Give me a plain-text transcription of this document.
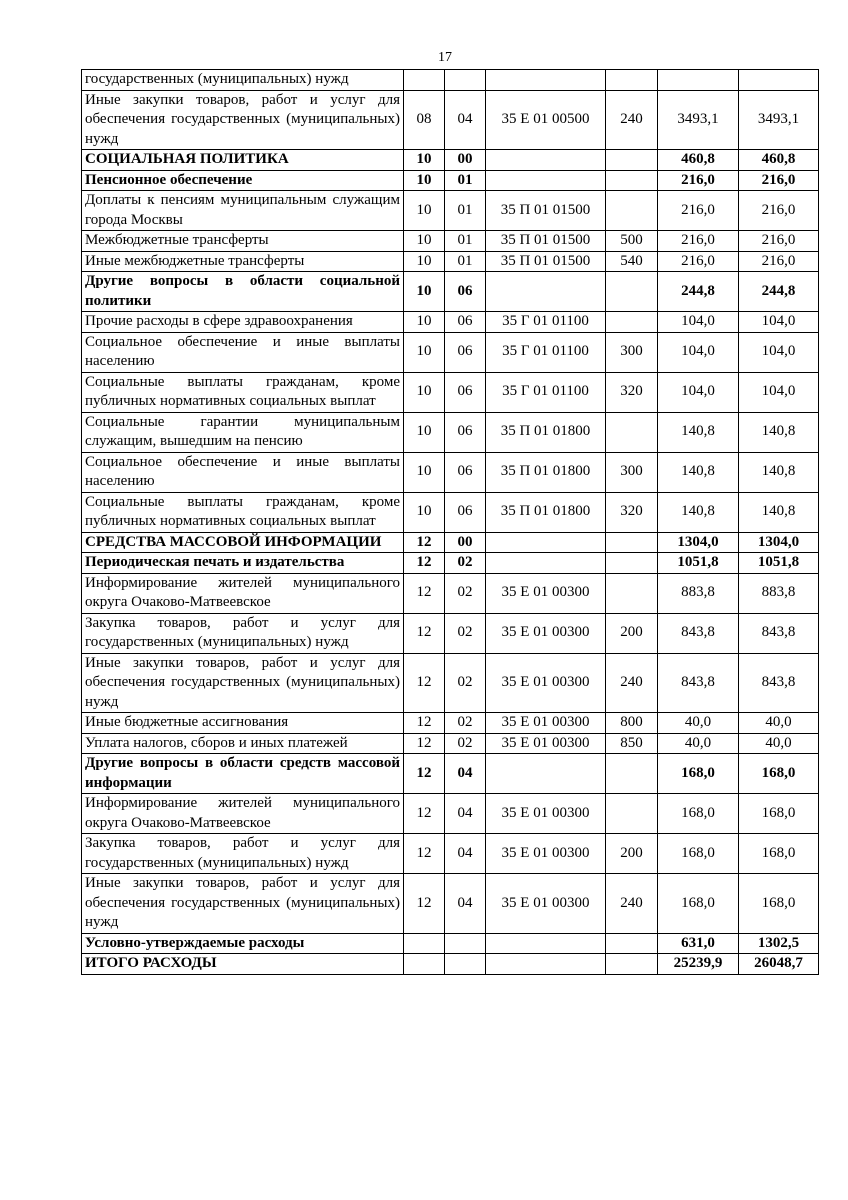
17
государственных (муниципальных) нужд						
Иные закупки товаров, работ и услуг для обеспечения государственных (муниципальных) нужд	08	04	35 Е 01 00500	240	3493,1	3493,1
СОЦИАЛЬНАЯ ПОЛИТИКА	10	00			460,8	460,8
Пенсионное обеспечение	10	01			216,0	216,0
Доплаты к пенсиям муниципальным служащим города Москвы	10	01	35 П 01 01500		216,0	216,0
Межбюджетные трансферты	10	01	35 П 01 01500	500	216,0	216,0
Иные межбюджетные трансферты	10	01	35 П 01 01500	540	216,0	216,0
Другие вопросы в области социальной политики	10	06			244,8	244,8
Прочие расходы в сфере здравоохранения	10	06	35 Г 01 01100		104,0	104,0
Социальное обеспечение и иные выплаты населению	10	06	35 Г 01 01100	300	104,0	104,0
Социальные выплаты гражданам, кроме публичных нормативных социальных выплат	10	06	35 Г 01 01100	320	104,0	104,0
Социальные гарантии муниципальным служащим, вышедшим на пенсию	10	06	35 П 01 01800		140,8	140,8
Социальное обеспечение и иные выплаты населению	10	06	35 П 01 01800	300	140,8	140,8
Социальные выплаты гражданам, кроме публичных нормативных социальных выплат	10	06	35 П 01 01800	320	140,8	140,8
СРЕДСТВА МАССОВОЙ ИНФОРМАЦИИ	12	00			1304,0	1304,0
Периодическая печать и издательства	12	02			1051,8	1051,8
Информирование жителей муниципального округа Очаково-Матвеевское	12	02	35 Е 01 00300		883,8	883,8
Закупка товаров, работ и услуг для государственных (муниципальных) нужд	12	02	35 Е 01 00300	200	843,8	843,8
Иные закупки товаров, работ и услуг для обеспечения государственных (муниципальных) нужд	12	02	35 Е 01 00300	240	843,8	843,8
Иные бюджетные ассигнования	12	02	35 Е 01 00300	800	40,0	40,0
Уплата налогов, сборов и иных платежей	12	02	35 Е 01 00300	850	40,0	40,0
Другие вопросы в области средств массовой информации	12	04			168,0	168,0
Информирование жителей муниципального округа Очаково-Матвеевское	12	04	35 Е 01 00300		168,0	168,0
Закупка товаров, работ и услуг для государственных (муниципальных) нужд	12	04	35 Е 01 00300	200	168,0	168,0
Иные закупки товаров, работ и услуг для обеспечения государственных (муниципальных) нужд	12	04	35 Е 01 00300	240	168,0	168,0
Условно-утверждаемые расходы					631,0	1302,5
ИТОГО РАСХОДЫ					25239,9	26048,7
